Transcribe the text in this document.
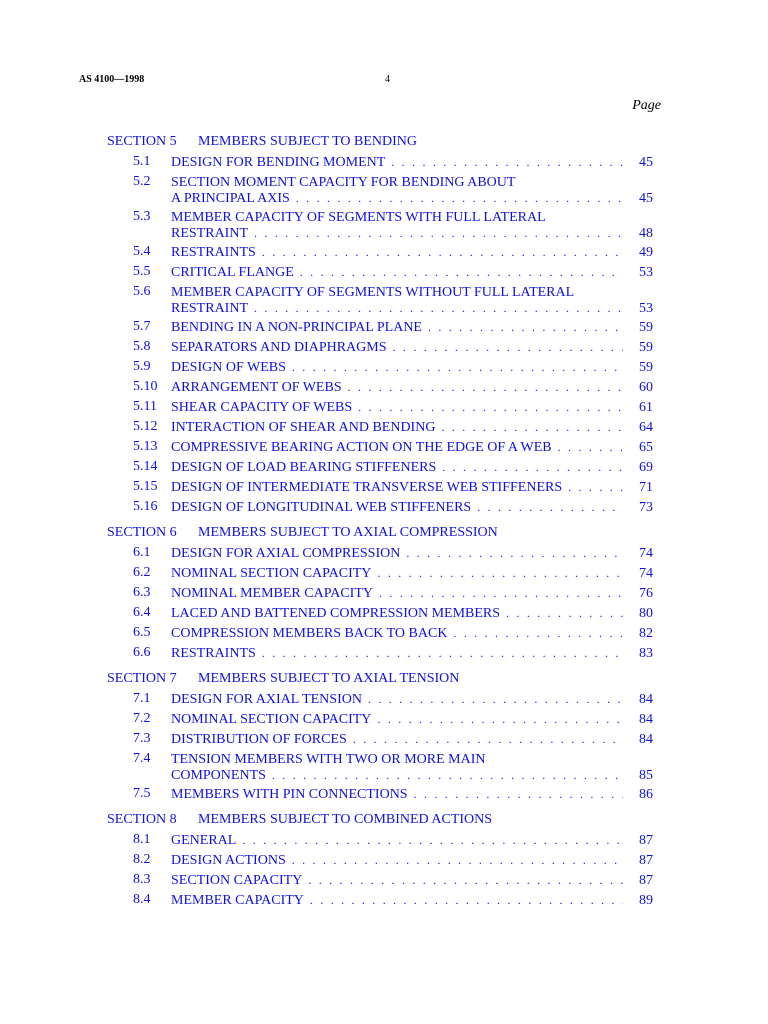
AS 4100—1998	4
Page
SECTION 5	MEMBERS SUBJECT TO BENDING
5.1	DESIGN FOR BENDING MOMENT . . .	45
5.2	SECTION MOMENT CAPACITY FOR BENDING ABOUT
A PRINCIPAL AXIS . . .	45
5.3	MEMBER CAPACITY OF SEGMENTS WITH FULL LATERAL
RESTRAINT . . .	48
5.4	RESTRAINTS . . .	49
5.5	CRITICAL FLANGE . . .	53
5.6	MEMBER CAPACITY OF SEGMENTS WITHOUT FULL LATERAL
RESTRAINT . . .	53
5.7	BENDING IN A NON-PRINCIPAL PLANE . . .	59
5.8	SEPARATORS AND DIAPHRAGMS . . .	59
5.9	DESIGN OF WEBS . . .	59
5.10 ARRANGEMENT OF WEBS . . .	60
5.11 SHEAR CAPACITY OF WEBS . . .	61
5.12 INTERACTION OF SHEAR AND BENDING . . .	64
5.13 COMPRESSIVE BEARING ACTION ON THE EDGE OF A WEB . . .	65
5.14 DESIGN OF LOAD BEARING STIFFENERS . . .	69
5.15 DESIGN OF INTERMEDIATE TRANSVERSE WEB STIFFENERS . . .	71
5.16 DESIGN OF LONGITUDINAL WEB STIFFENERS . . .	73
SECTION 6	MEMBERS SUBJECT TO AXIAL COMPRESSION
6.1	DESIGN FOR AXIAL COMPRESSION . . .	74
6.2	NOMINAL SECTION CAPACITY . . .	74
6.3	NOMINAL MEMBER CAPACITY . . .	76
6.4	LACED AND BATTENED COMPRESSION MEMBERS . . .	80
6.5	COMPRESSION MEMBERS BACK TO BACK . . .	82
6.6	RESTRAINTS . . .	83
SECTION 7	MEMBERS SUBJECT TO AXIAL TENSION
7.1	DESIGN FOR AXIAL TENSION . . .	84
7.2	NOMINAL SECTION CAPACITY . . .	84
7.3	DISTRIBUTION OF FORCES . . .	84
7.4	TENSION MEMBERS WITH TWO OR MORE MAIN
COMPONENTS . . .	85
7.5	MEMBERS WITH PIN CONNECTIONS . . .	86
SECTION 8	MEMBERS SUBJECT TO COMBINED ACTIONS
8.1	GENERAL . . .	87
8.2	DESIGN ACTIONS . . .	87
8.3	SECTION CAPACITY . . .	87
8.4	MEMBER CAPACITY . . .	89
